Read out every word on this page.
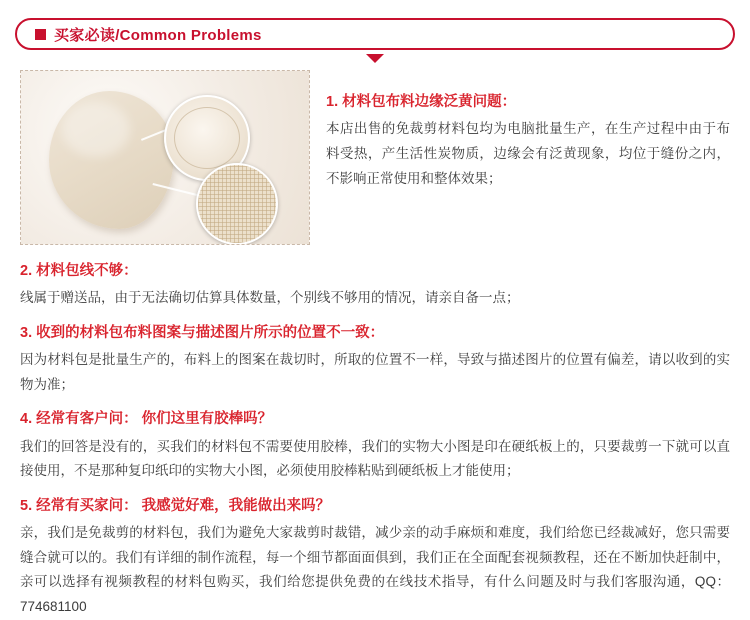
买家必读/Common Problems

1. 材料包布料边缘泛黄问题：

本店出售的免裁剪材料包均为电脑批量生产，在生产过程中由于布料受热，产生活性炭物质，边缘会有泛黄现象，均位于缝份之内，不影响正常使用和整体效果；

2. 材料包线不够：

线属于赠送品，由于无法确切估算具体数量，个别线不够用的情况，请亲自备一点；

3. 收到的材料包布料图案与描述图片所示的位置不一致：

因为材料包是批量生产的，布料上的图案在裁切时，所取的位置不一样，导致与描述图片的位置有偏差，请以收到的实物为准；

4. 经常有客户问： 你们这里有胶棒吗？

我们的回答是没有的，买我们的材料包不需要使用胶棒，我们的实物大小图是印在硬纸板上的，只要裁剪一下就可以直接使用，不是那种复印纸印的实物大小图，必须使用胶棒粘贴到硬纸板上才能使用；

5. 经常有买家问： 我感觉好难，我能做出来吗？

亲，我们是免裁剪的材料包，我们为避免大家裁剪时裁错，减少亲的动手麻烦和难度，我们给您已经裁减好，您只需要缝合就可以的。我们有详细的制作流程，每一个细节都面面俱到，我们正在全面配套视频教程，还在不断加快赶制中，亲可以选择有视频教程的材料包购买，我们给您提供免费的在线技术指导，有什么问题及时与我们客服沟通，QQ：774681100
